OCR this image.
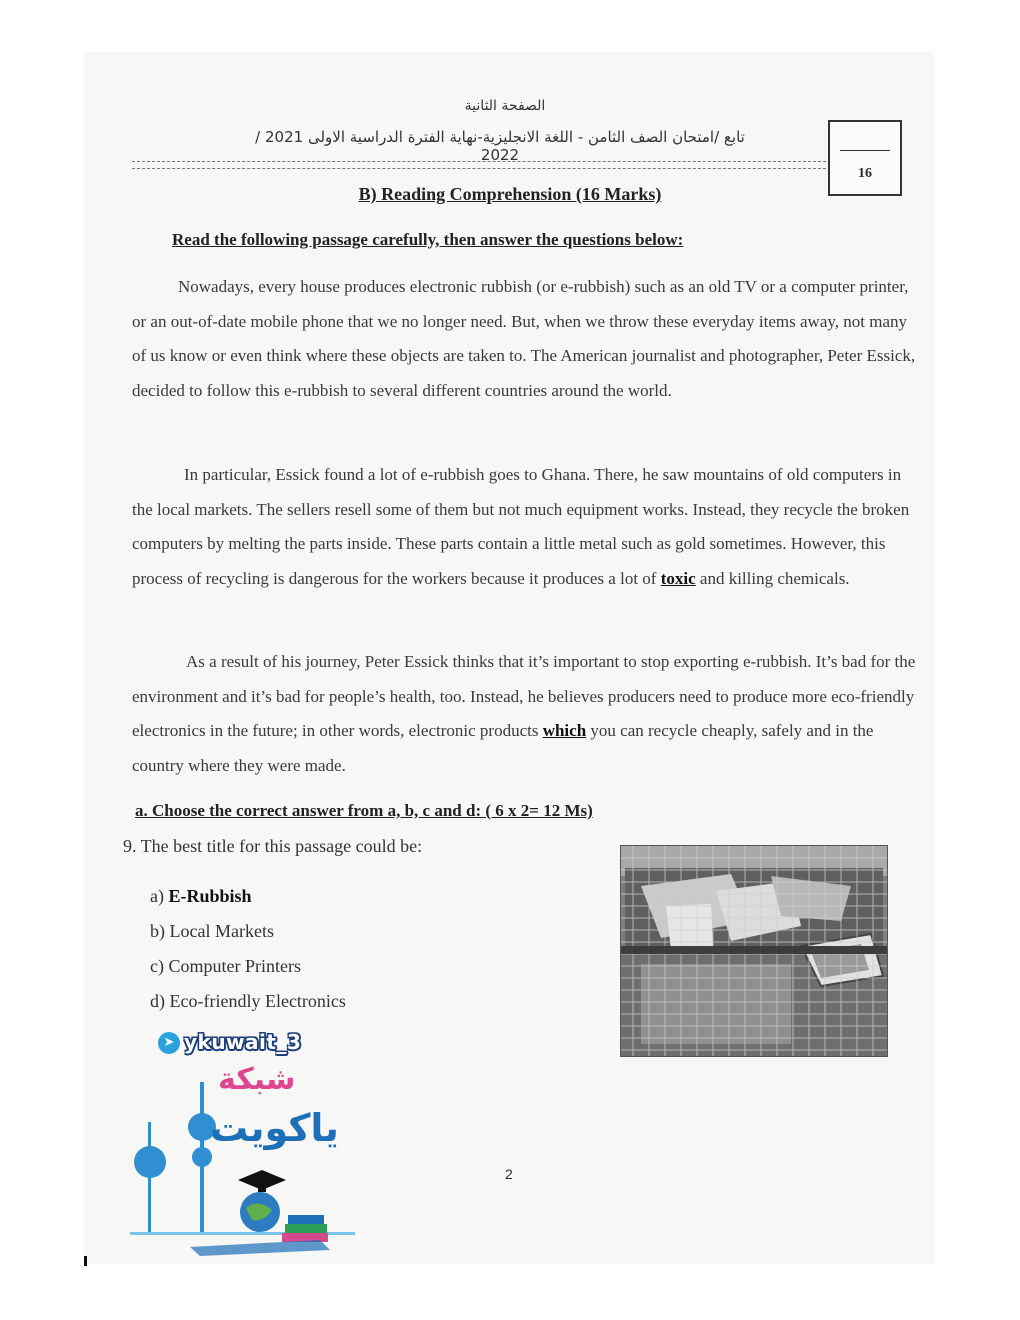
الصفحة الثانية
تابع /امتحان الصف الثامن - اللغة الانجليزية-نهاية الفترة الدراسية الاولى 2021 / 2022
16
B) Reading Comprehension (16 Marks)
Read the following passage carefully, then answer the questions below:
Nowadays, every house produces electronic rubbish (or e-rubbish) such as an old TV or a computer printer, or an out-of-date mobile phone that we no longer need. But, when we throw these everyday items away, not many of us know or even think where these objects are taken to. The American journalist and photographer, Peter Essick, decided to follow this e-rubbish to several different countries around the world.
In particular, Essick found a lot of e-rubbish goes to Ghana. There, he saw mountains of old computers in the local markets. The sellers resell some of them but not much equipment works. Instead, they recycle the broken computers by melting the parts inside. These parts contain a little metal such as gold sometimes. However, this process of recycling is dangerous for the workers because it produces a lot of toxic and killing chemicals.
As a result of his journey, Peter Essick thinks that it’s important to stop exporting e-rubbish. It’s bad for the environment and it’s bad for people’s health, too. Instead, he believes producers need to produce more eco-friendly electronics in the future; in other words, electronic products which you can recycle cheaply, safely and in the country where they were made.
a. Choose the correct answer from a, b, c and d: ( 6 x 2= 12 Ms)
9. The best title for this passage could be:
a) E-Rubbish
b) Local Markets
c) Computer Printers
d) Eco-friendly Electronics
2
➤ ykuwait_3
شبكة
ياكويت
